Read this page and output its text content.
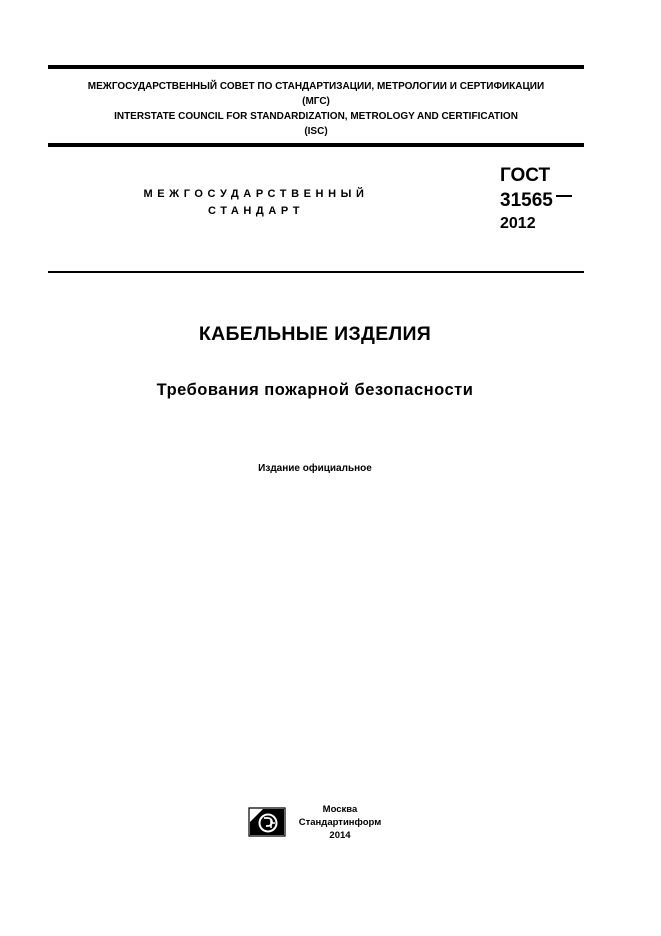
МЕЖГОСУДАРСТВЕННЫЙ СОВЕТ ПО СТАНДАРТИЗАЦИИ, МЕТРОЛОГИИ И СЕРТИФИКАЦИИ
(МГС)
INTERSTATE COUNCIL FOR STANDARDIZATION, METROLOGY AND CERTIFICATION
(ISC)
МЕЖГОСУДАРСТВЕННЫЙ
СТАНДАРТ
ГОСТ
31565
2012
КАБЕЛЬНЫЕ ИЗДЕЛИЯ
Требования пожарной безопасности
Издание официальное
Москва
Стандартинформ
2014
